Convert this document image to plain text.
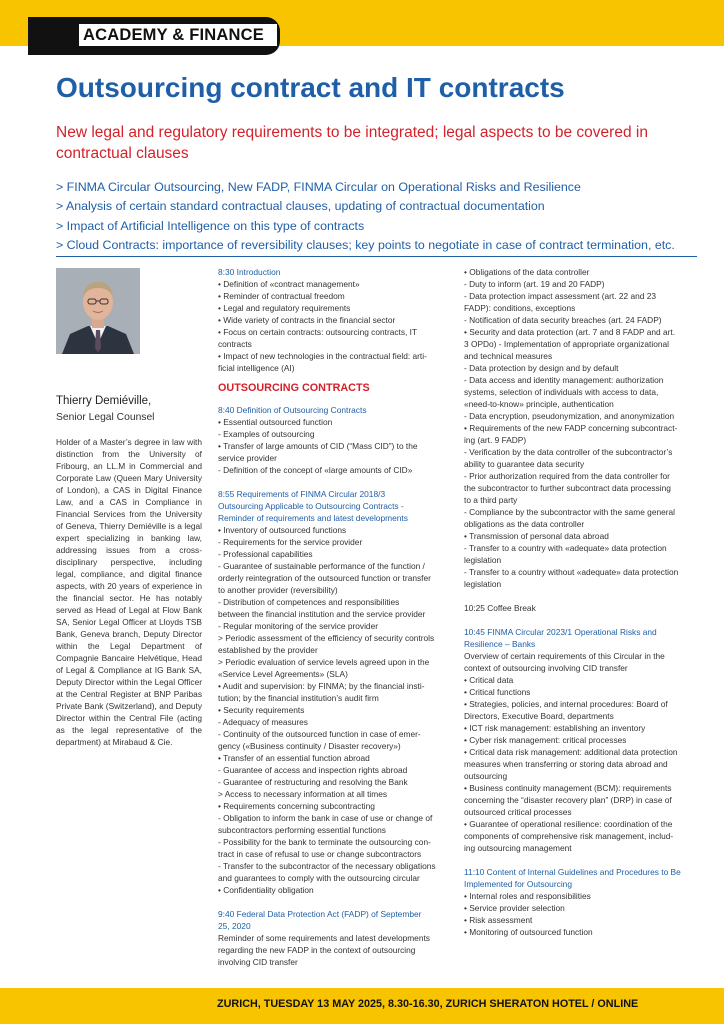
ACADEMY & FINANCE
Outsourcing contract and IT contracts

New legal and regulatory requirements to be integrated; legal aspects to be covered in contractual clauses

> FINMA Circular Outsourcing, New FADP, FINMA Circular on Operational Risks and Resilience
> Analysis of certain standard contractual clauses, updating of contractual documentation
> Impact of Artificial Intelligence on this type of contracts
> Cloud Contracts: importance of reversibility clauses; key points to negotiate in case of contract termination, etc.

Thierry Demiéville,

Senior Legal Counsel

Holder of a Master’s degree in law with distinction from the University of Fribourg, an LL.M in Commercial and Corporate Law (Queen Mary University of London), a CAS in Digital Finance Law, and a CAS in Compliance in Financial Services from the University of Geneva, Thierry Demiéville is a legal expert specializing in banking law, addressing issues from a cross-disciplinary perspective, including legal, compliance, and digital finance aspects, with 20 years of experience in the financial sector. He has notably served as Head of Legal at Flow Bank SA, Senior Legal Officer at Lloyds TSB Bank, Geneva branch, Deputy Director within the Legal Department of Compagnie Bancaire Helvétique, Head of Legal & Compliance at IG Bank SA, Deputy Director within the Legal Officer at the Central Register at BNP Paribas Private Bank (Switzerland), and Deputy Director within the Central File (acting as the legal representative of the department) at Mirabaud & Cie.

8:30 Introduction

• Definition of «contract management»

• Reminder of contractual freedom

• Legal and regulatory requirements

• Wide variety of contracts in the financial sector

• Focus on certain contracts: outsourcing contracts, IT contracts

• Impact of new technologies in the contractual field: arti-

ficial intelligence (AI)

OUTSOURCING CONTRACTS

8:40 Definition of Outsourcing Contracts

• Essential outsourced function

- Examples of outsourcing

• Transfer of large amounts of CID (“Mass CID”) to the

service provider

- Definition of the concept of «large amounts of CID»

8:55 Requirements of FINMA Circular 2018/3

Outsourcing Applicable to Outsourcing Contracts -

Reminder of requirements and latest developments

• Inventory of outsourced functions

- Requirements for the service provider

- Professional capabilities

- Guarantee of sustainable performance of the function /

orderly reintegration of the outsourced function or transfer

to another provider (reversibility)

- Distribution of competences and responsibilities

between the financial institution and the service provider

- Regular monitoring of the service provider

> Periodic assessment of the efficiency of security controls

established by the provider

> Periodic evaluation of service levels agreed upon in the

«Service Level Agreements» (SLA)

• Audit and supervision: by FINMA; by the financial insti-

tution; by the financial institution’s audit firm

• Security requirements

- Adequacy of measures

- Continuity of the outsourced function in case of emer-

gency («Business continuity / Disaster recovery»)

• Transfer of an essential function abroad

- Guarantee of access and inspection rights abroad

- Guarantee of restructuring and resolving the Bank

> Access to necessary information at all times

• Requirements concerning subcontracting

- Obligation to inform the bank in case of use or change of

subcontractors performing essential functions

- Possibility for the bank to terminate the outsourcing con-

tract in case of refusal to use or change subcontractors

- Transfer to the subcontractor of the necessary obligations

and guarantees to comply with the outsourcing circular

• Confidentiality obligation

9:40 Federal Data Protection Act (FADP) of September

25, 2020

Reminder of some requirements and latest developments

regarding the new FADP in the context of outsourcing

involving CID transfer

• Obligations of the data controller

- Duty to inform (art. 19 and 20 FADP)

- Data protection impact assessment (art. 22 and 23

FADP): conditions, exceptions

- Notification of data security breaches (art. 24 FADP)

• Security and data protection (art. 7 and 8 FADP and art.

3 OPDo) - Implementation of appropriate organizational

and technical measures

- Data protection by design and by default

- Data access and identity management: authorization

systems, selection of individuals with access to data,

«need-to-know» principle, authentication

- Data encryption, pseudonymization, and anonymization

• Requirements of the new FADP concerning subcontract-

ing (art. 9 FADP)

- Verification by the data controller of the subcontractor’s

ability to guarantee data security

- Prior authorization required from the data controller for

the subcontractor to further subcontract data processing

to a third party

- Compliance by the subcontractor with the same general

obligations as the data controller

• Transmission of personal data abroad

- Transfer to a country with «adequate» data protection

legislation

- Transfer to a country without «adequate» data protection

legislation

10:25 Coffee Break

10:45 FINMA Circular 2023/1 Operational Risks and

Resilience – Banks

Overview of certain requirements of this Circular in the

context of outsourcing involving CID transfer

• Critical data

• Critical functions

• Strategies, policies, and internal procedures: Board of

Directors, Executive Board, departments

• ICT risk management: establishing an inventory

• Cyber risk management: critical processes

• Critical data risk management: additional data protection

measures when transferring or storing data abroad and

outsourcing

• Business continuity management (BCM): requirements

concerning the “disaster recovery plan” (DRP) in case of

outsourced critical processes

• Guarantee of operational resilience: coordination of the

components of comprehensive risk management, includ-

ing outsourcing management

11:10 Content of Internal Guidelines and Procedures to Be

Implemented for Outsourcing

• Internal roles and responsibilities

• Service provider selection

• Risk assessment

• Monitoring of outsourced function

ZURICH, TUESDAY 13 MAY 2025, 8.30-16.30, ZURICH SHERATON HOTEL / ONLINE
